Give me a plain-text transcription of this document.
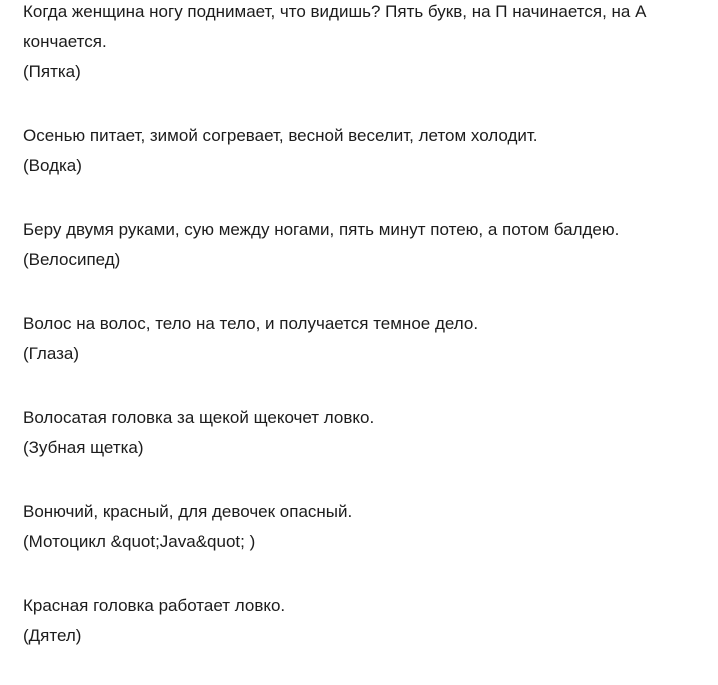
Когда женщина ногу поднимает, что видишь? Пять букв, на П начинается, на А
кончается.
(Пятка)
Осенью питает, зимой согревает, весной веселит, летом холодит.
(Водка)
Беру двумя руками, сую между ногами, пять минут потею, а потом балдею.
(Велосипед)
Волос на волос, тело на тело, и получается темное дело.
(Глаза)
Волосатая головка за щекой щекочет ловко.
(Зубная щетка)
Вонючий, красный, для девочек опасный.
(Мотоцикл &quot;Java&quot; )
Красная головка работает ловко.
(Дятел)
